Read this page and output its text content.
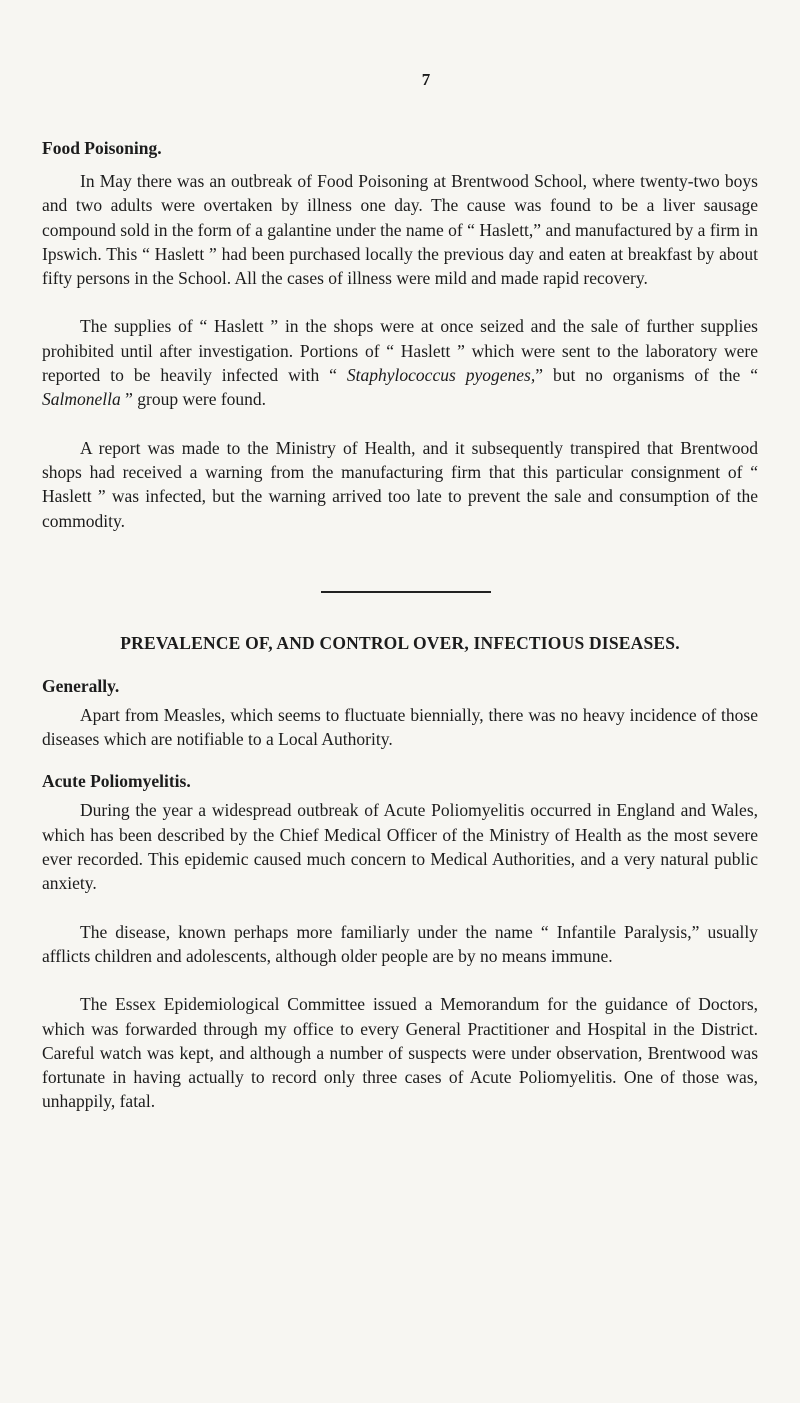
7
Food Poisoning.

In May there was an outbreak of Food Poisoning at Brentwood School, where twenty-two boys and two adults were overtaken by illness one day. The cause was found to be a liver sausage compound sold in the form of a galantine under the name of “ Haslett,” and manufactured by a firm in Ipswich. This “ Haslett ” had been purchased locally the previous day and eaten at breakfast by about fifty persons in the School. All the cases of illness were mild and made rapid recovery.

The supplies of “ Haslett ” in the shops were at once seized and the sale of further supplies prohibited until after investigation. Portions of “ Haslett ” which were sent to the laboratory were reported to be heavily infected with “ Staphylococcus pyogenes,” but no organisms of the “ Salmonella ” group were found.

A report was made to the Ministry of Health, and it subsequently transpired that Brentwood shops had received a warning from the manufacturing firm that this particular consignment of “ Haslett ” was infected, but the warning arrived too late to prevent the sale and consumption of the commodity.

PREVALENCE OF, AND CONTROL OVER, INFECTIOUS DISEASES.
Generally.

Apart from Measles, which seems to fluctuate biennially, there was no heavy incidence of those diseases which are notifiable to a Local Authority.

Acute Poliomyelitis.

During the year a widespread outbreak of Acute Poliomyelitis occurred in England and Wales, which has been described by the Chief Medical Officer of the Ministry of Health as the most severe ever recorded. This epidemic caused much concern to Medical Authorities, and a very natural public anxiety.

The disease, known perhaps more familiarly under the name “ Infantile Paralysis,” usually afflicts children and adolescents, although older people are by no means immune.

The Essex Epidemiological Committee issued a Memorandum for the guidance of Doctors, which was forwarded through my office to every General Practitioner and Hospital in the District. Careful watch was kept, and although a number of suspects were under observation, Brentwood was fortunate in having actually to record only three cases of Acute Poliomyelitis. One of those was, unhappily, fatal.
